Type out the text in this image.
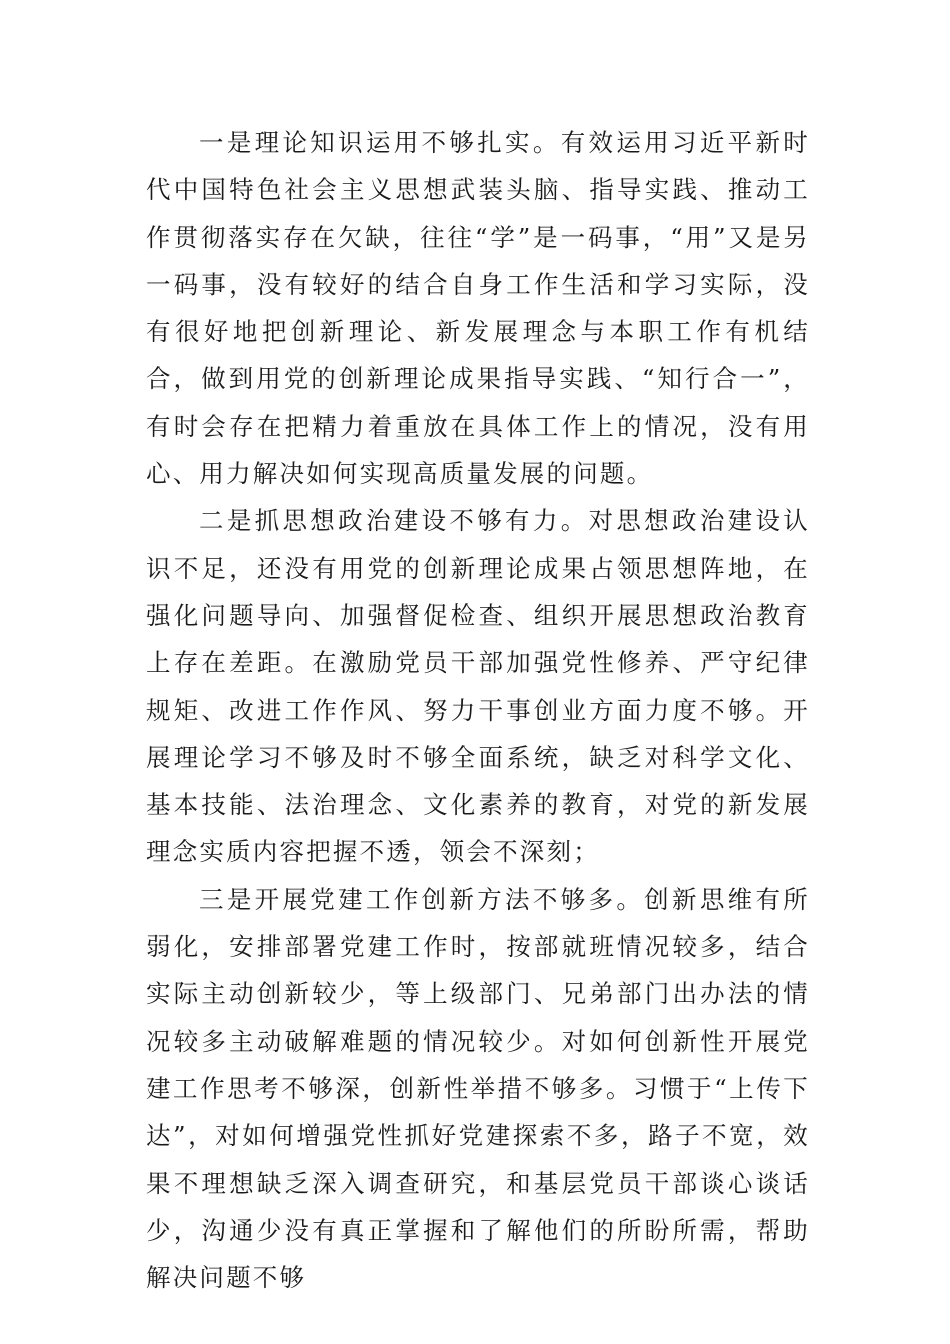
一是理论知识运用不够扎实。有效运用习近平新时代中国特色社会主义思想武装头脑、指导实践、推动工作贯彻落实存在欠缺，往往“学”是一码事，“用”又是另一码事，没有较好的结合自身工作生活和学习实际，没有很好地把创新理论、新发展理念与本职工作有机结合，做到用党的创新理论成果指导实践、“知行合一”，有时会存在把精力着重放在具体工作上的情况，没有用心、用力解决如何实现高质量发展的问题。

二是抓思想政治建设不够有力。对思想政治建设认识不足，还没有用党的创新理论成果占领思想阵地，在强化问题导向、加强督促检查、组织开展思想政治教育上存在差距。在激励党员干部加强党性修养、严守纪律规矩、改进工作作风、努力干事创业方面力度不够。开展理论学习不够及时不够全面系统，缺乏对科学文化、基本技能、法治理念、文化素养的教育，对党的新发展理念实质内容把握不透，领会不深刻；

三是开展党建工作创新方法不够多。创新思维有所弱化，安排部署党建工作时，按部就班情况较多，结合实际主动创新较少，等上级部门、兄弟部门出办法的情况较多主动破解难题的情况较少。对如何创新性开展党建工作思考不够深，创新性举措不够多。习惯于“上传下达”，对如何增强党性抓好党建探索不多，路子不宽，效果不理想缺乏深入调查研究，和基层党员干部谈心谈话少，沟通少没有真正掌握和了解他们的所盼所需，帮助解决问题不够
